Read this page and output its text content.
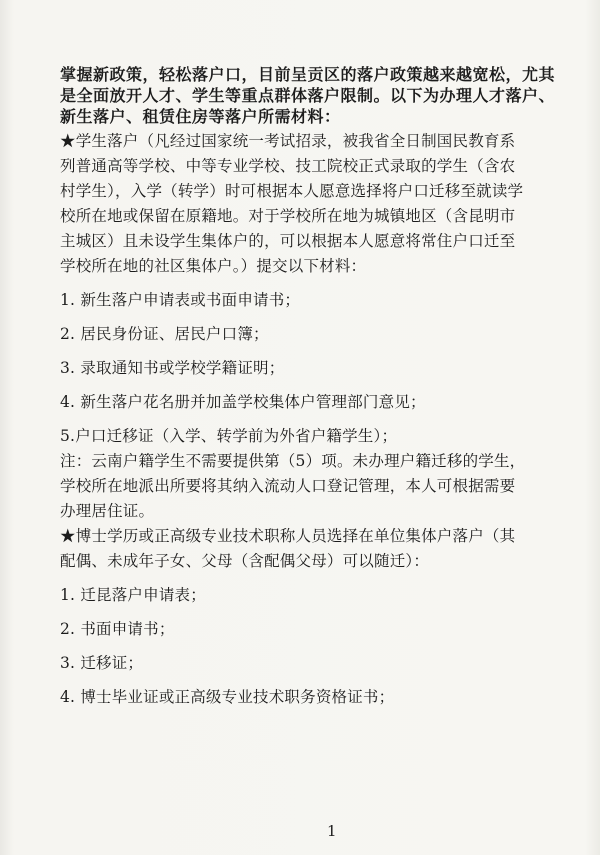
掌握新政策，轻松落户口，目前呈贡区的落户政策越来越宽松，尤其

是全面放开人才、学生等重点群体落户限制。以下为办理人才落户、

新生落户、租赁住房等落户所需材料：

★学生落户（凡经过国家统一考试招录，被我省全日制国民教育系

列普通高等学校、中等专业学校、技工院校正式录取的学生（含农

村学生），入学（转学）时可根据本人愿意选择将户口迁移至就读学

校所在地或保留在原籍地。对于学校所在地为城镇地区（含昆明市

主城区）且未设学生集体户的，可以根据本人愿意将常住户口迁至

学校所在地的社区集体户。）提交以下材料：

1. 新生落户申请表或书面申请书；

2. 居民身份证、居民户口簿；

3. 录取通知书或学校学籍证明；

4. 新生落户花名册并加盖学校集体户管理部门意见；

5.户口迁移证（入学、转学前为外省户籍学生）；

注：云南户籍学生不需要提供第（5）项。未办理户籍迁移的学生，

学校所在地派出所要将其纳入流动人口登记管理，本人可根据需要

办理居住证。

★博士学历或正高级专业技术职称人员选择在单位集体户落户（其

配偶、未成年子女、父母（含配偶父母）可以随迁）：

1. 迁昆落户申请表；

2. 书面申请书；

3. 迁移证；

4. 博士毕业证或正高级专业技术职务资格证书；

1
